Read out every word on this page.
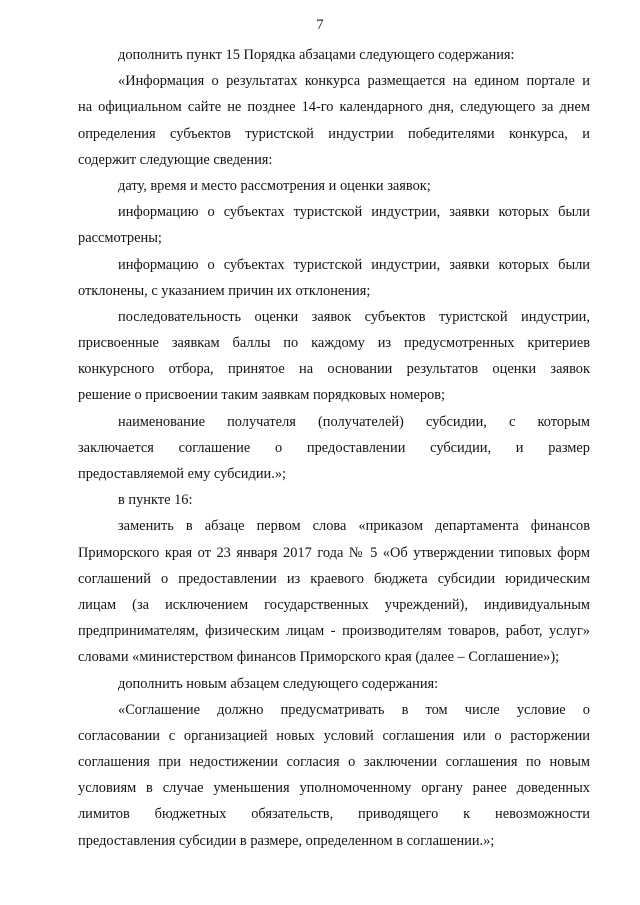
7
дополнить пункт 15 Порядка абзацами следующего содержания:
«Информация о результатах конкурса размещается на едином портале и
на официальном сайте не позднее 14-го календарного дня, следующего за днем
определения субъектов туристской индустрии победителями конкурса, и
содержит следующие сведения:
дату, время и место рассмотрения и оценки заявок;
информацию о субъектах туристской индустрии, заявки которых были
рассмотрены;
информацию о субъектах туристской индустрии, заявки которых были
отклонены, с указанием причин их отклонения;
последовательность оценки заявок субъектов туристской индустрии,
присвоенные заявкам баллы по каждому из предусмотренных критериев
конкурсного отбора, принятое на основании результатов оценки заявок
решение о присвоении таким заявкам порядковых номеров;
наименование получателя (получателей) субсидии, с которым
заключается соглашение о предоставлении субсидии, и размер
предоставляемой ему субсидии.»;
в пункте 16:
заменить в абзаце первом слова «приказом департамента финансов
Приморского края от 23 января 2017 года № 5 «Об утверждении типовых форм
соглашений о предоставлении из краевого бюджета субсидии юридическим
лицам (за исключением государственных учреждений), индивидуальным
предпринимателям, физическим лицам - производителям товаров, работ, услуг»
словами «министерством финансов Приморского края (далее – Соглашение»);
дополнить новым абзацем следующего содержания:
«Соглашение должно предусматривать в том числе условие о
согласовании с организацией новых условий соглашения или о расторжении
соглашения при недостижении согласия о заключении соглашения по новым
условиям в случае уменьшения уполномоченному органу ранее доведенных
лимитов бюджетных обязательств, приводящего к невозможности
предоставления субсидии в размере, определенном в соглашении.»;
